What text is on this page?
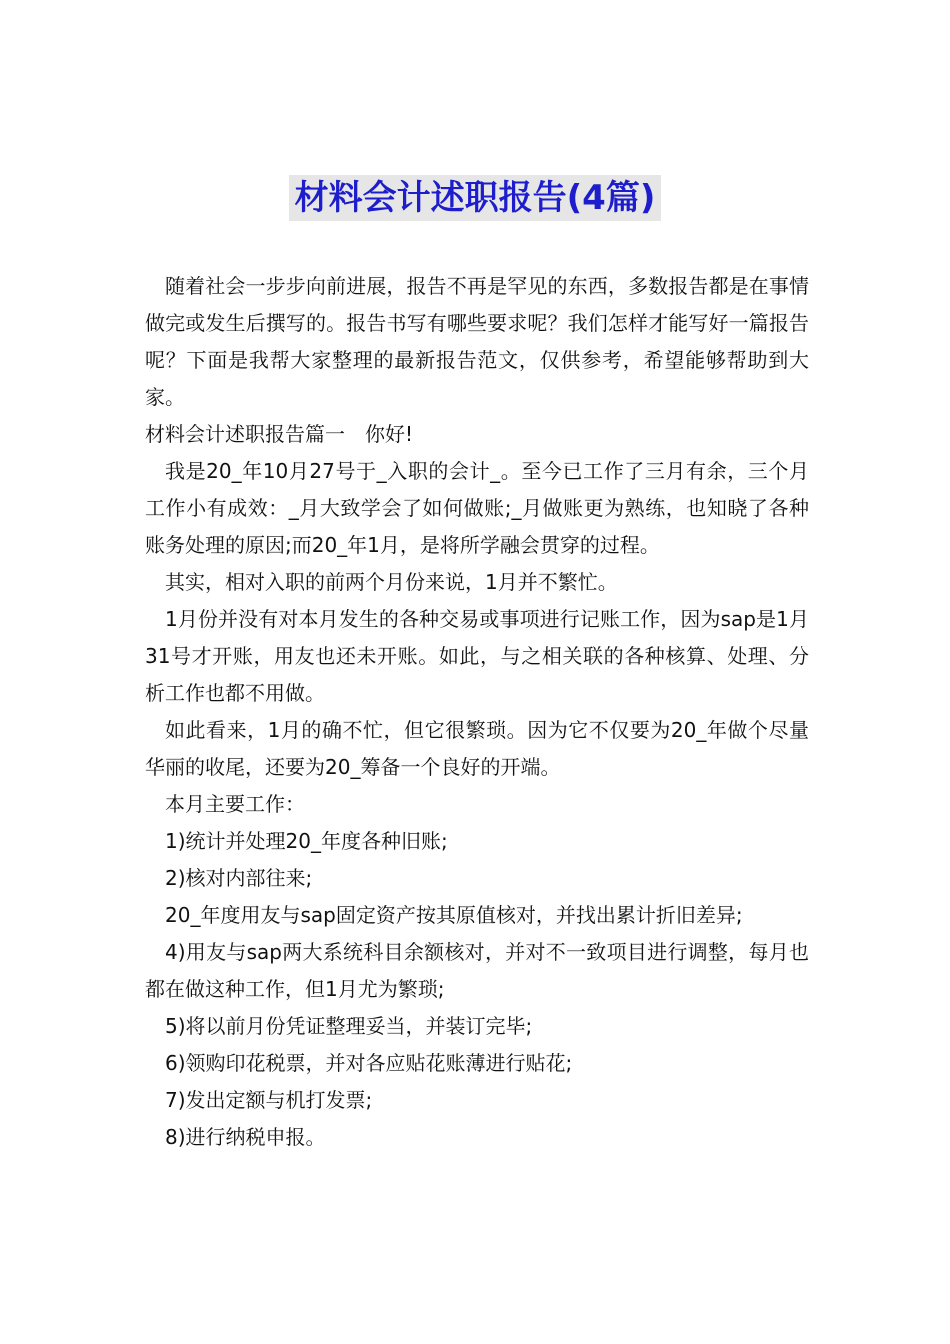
材料会计述职报告(4篇)

随着社会一步步向前进展，报告不再是罕见的东西，多数报告都是在事情做完或发生后撰写的。报告书写有哪些要求呢？我们怎样才能写好一篇报告呢？下面是我帮大家整理的最新报告范文，仅供参考，希望能够帮助到大家。

材料会计述职报告篇一　你好!

我是20_年10月27号于_入职的会计_。至今已工作了三月有余，三个月工作小有成效：_月大致学会了如何做账;_月做账更为熟练，也知晓了各种账务处理的原因;而20_年1月，是将所学融会贯穿的过程。

其实，相对入职的前两个月份来说，1月并不繁忙。

1月份并没有对本月发生的各种交易或事项进行记账工作，因为sap是1月31号才开账，用友也还未开账。如此，与之相关联的各种核算、处理、分析工作也都不用做。

如此看来，1月的确不忙，但它很繁琐。因为它不仅要为20_年做个尽量华丽的收尾，还要为20_筹备一个良好的开端。

本月主要工作：

1)统计并处理20_年度各种旧账;

2)核对内部往来;

20_年度用友与sap固定资产按其原值核对，并找出累计折旧差异;

4)用友与sap两大系统科目余额核对，并对不一致项目进行调整，每月也都在做这种工作，但1月尤为繁琐;

5)将以前月份凭证整理妥当，并装订完毕;

6)领购印花税票，并对各应贴花账薄进行贴花;

7)发出定额与机打发票;

8)进行纳税申报。
